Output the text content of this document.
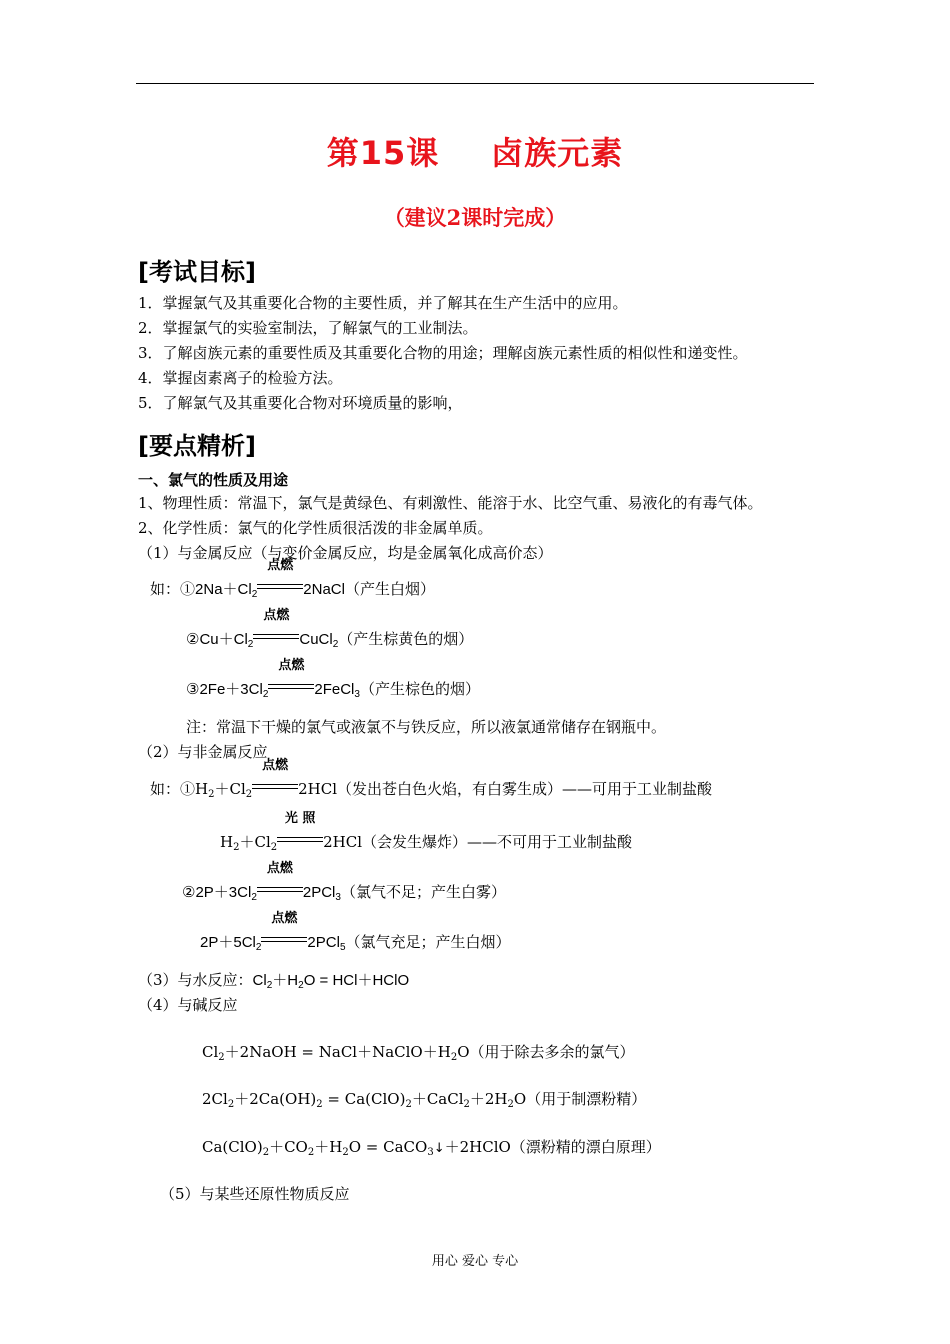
第15课 卤族元素
（建议2课时完成）
[考试目标]
1．掌握氯气及其重要化合物的主要性质，并了解其在生产生活中的应用。
2．掌握氯气的实验室制法，了解氯气的工业制法。
3．了解卤族元素的重要性质及其重要化合物的用途；理解卤族元素性质的相似性和递变性。
4．掌握卤素离子的检验方法。
5．了解氯气及其重要化合物对环境质量的影响，
[要点精析]
一、氯气的性质及用途
1、物理性质：常温下，氯气是黄绿色、有刺激性、能溶于水、比空气重、易液化的有毒气体。
2、化学性质：氯气的化学性质很活泼的非金属单质。
（1）与金属反应（与变价金属反应，均是金属氧化成高价态）
如：$①2Na+Cl_2$
点燃
2NaCl（产生白烟）
$②Cu+Cl_2$
点燃
CuCl$_2$（产生棕黄色的烟）
$③2Fe+3Cl_2$
点燃
2FeCl$_3$（产生棕色的烟）
注：常温下干燥的氯气或液氯不与铁反应，所以液氯通常储存在钢瓶中。
（2）与非金属反应
如：$①H_2+Cl_2$
点燃
2HCl（发出苍白色火焰，有白雾生成）——可用于工业制盐酸
$H_2+Cl_2$
光 照
2HCl（会发生爆炸）——不可用于工业制盐酸
$②2P+3Cl_2$
点燃
2PCl$_3$（氯气不足；产生白雾）
$2P+5Cl_2$
点燃
2PCl$_5$（氯气充足；产生白烟）
（3）与水反应：$Cl_2+H_2O$ = HCl＋HClO
（4）与碱反应
$Cl_2+2NaOH$ = $NaCl+NaClO+H_2O$（用于除去多余的氯气）
$2Cl_2+2Ca(OH)_2$ = $Ca(ClO)_2+CaCl_2+2H_2O$（用于制漂粉精）
$Ca(ClO)_2+CO_2+H_2O$ = CaCO$_3$↓＋2HClO（漂粉精的漂白原理）
（5）与某些还原性物质反应
用心 爱心 专心
